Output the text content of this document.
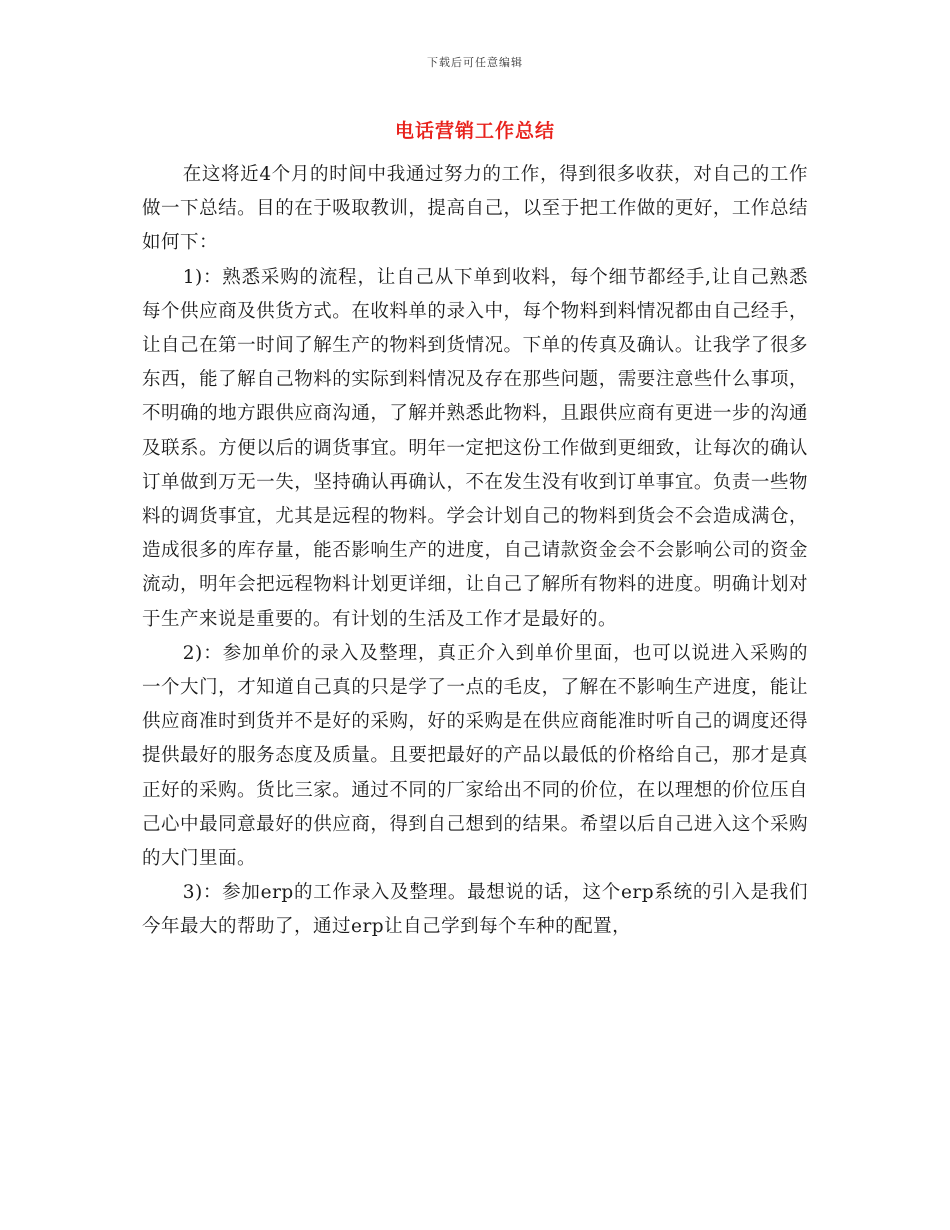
下载后可任意编辑
电话营销工作总结

在这将近4个月的时间中我通过努力的工作，得到很多收获，对自己的工作做一下总结。目的在于吸取教训，提高自己，以至于把工作做的更好，工作总结如何下：

1)：熟悉采购的流程，让自己从下单到收料，每个细节都经手,让自己熟悉每个供应商及供货方式。在收料单的录入中，每个物料到料情况都由自己经手，让自己在第一时间了解生产的物料到货情况。下单的传真及确认。让我学了很多东西，能了解自己物料的实际到料情况及存在那些问题，需要注意些什么事项，不明确的地方跟供应商沟通，了解并熟悉此物料，且跟供应商有更进一步的沟通及联系。方便以后的调货事宜。明年一定把这份工作做到更细致，让每次的确认订单做到万无一失，坚持确认再确认，不在发生没有收到订单事宜。负责一些物料的调货事宜，尤其是远程的物料。学会计划自己的物料到货会不会造成满仓，造成很多的库存量，能否影响生产的进度，自己请款资金会不会影响公司的资金流动，明年会把远程物料计划更详细，让自己了解所有物料的进度。明确计划对于生产来说是重要的。有计划的生活及工作才是最好的。

2)：参加单价的录入及整理，真正介入到单价里面，也可以说进入采购的一个大门，才知道自己真的只是学了一点的毛皮，了解在不影响生产进度，能让供应商准时到货并不是好的采购，好的采购是在供应商能准时听自己的调度还得提供最好的服务态度及质量。且要把最好的产品以最低的价格给自己，那才是真正好的采购。货比三家。通过不同的厂家给出不同的价位，在以理想的价位压自己心中最同意最好的供应商，得到自己想到的结果。希望以后自己进入这个采购的大门里面。

3)：参加erp的工作录入及整理。最想说的话，这个erp系统的引入是我们今年最大的帮助了，通过erp让自己学到每个车种的配置，
